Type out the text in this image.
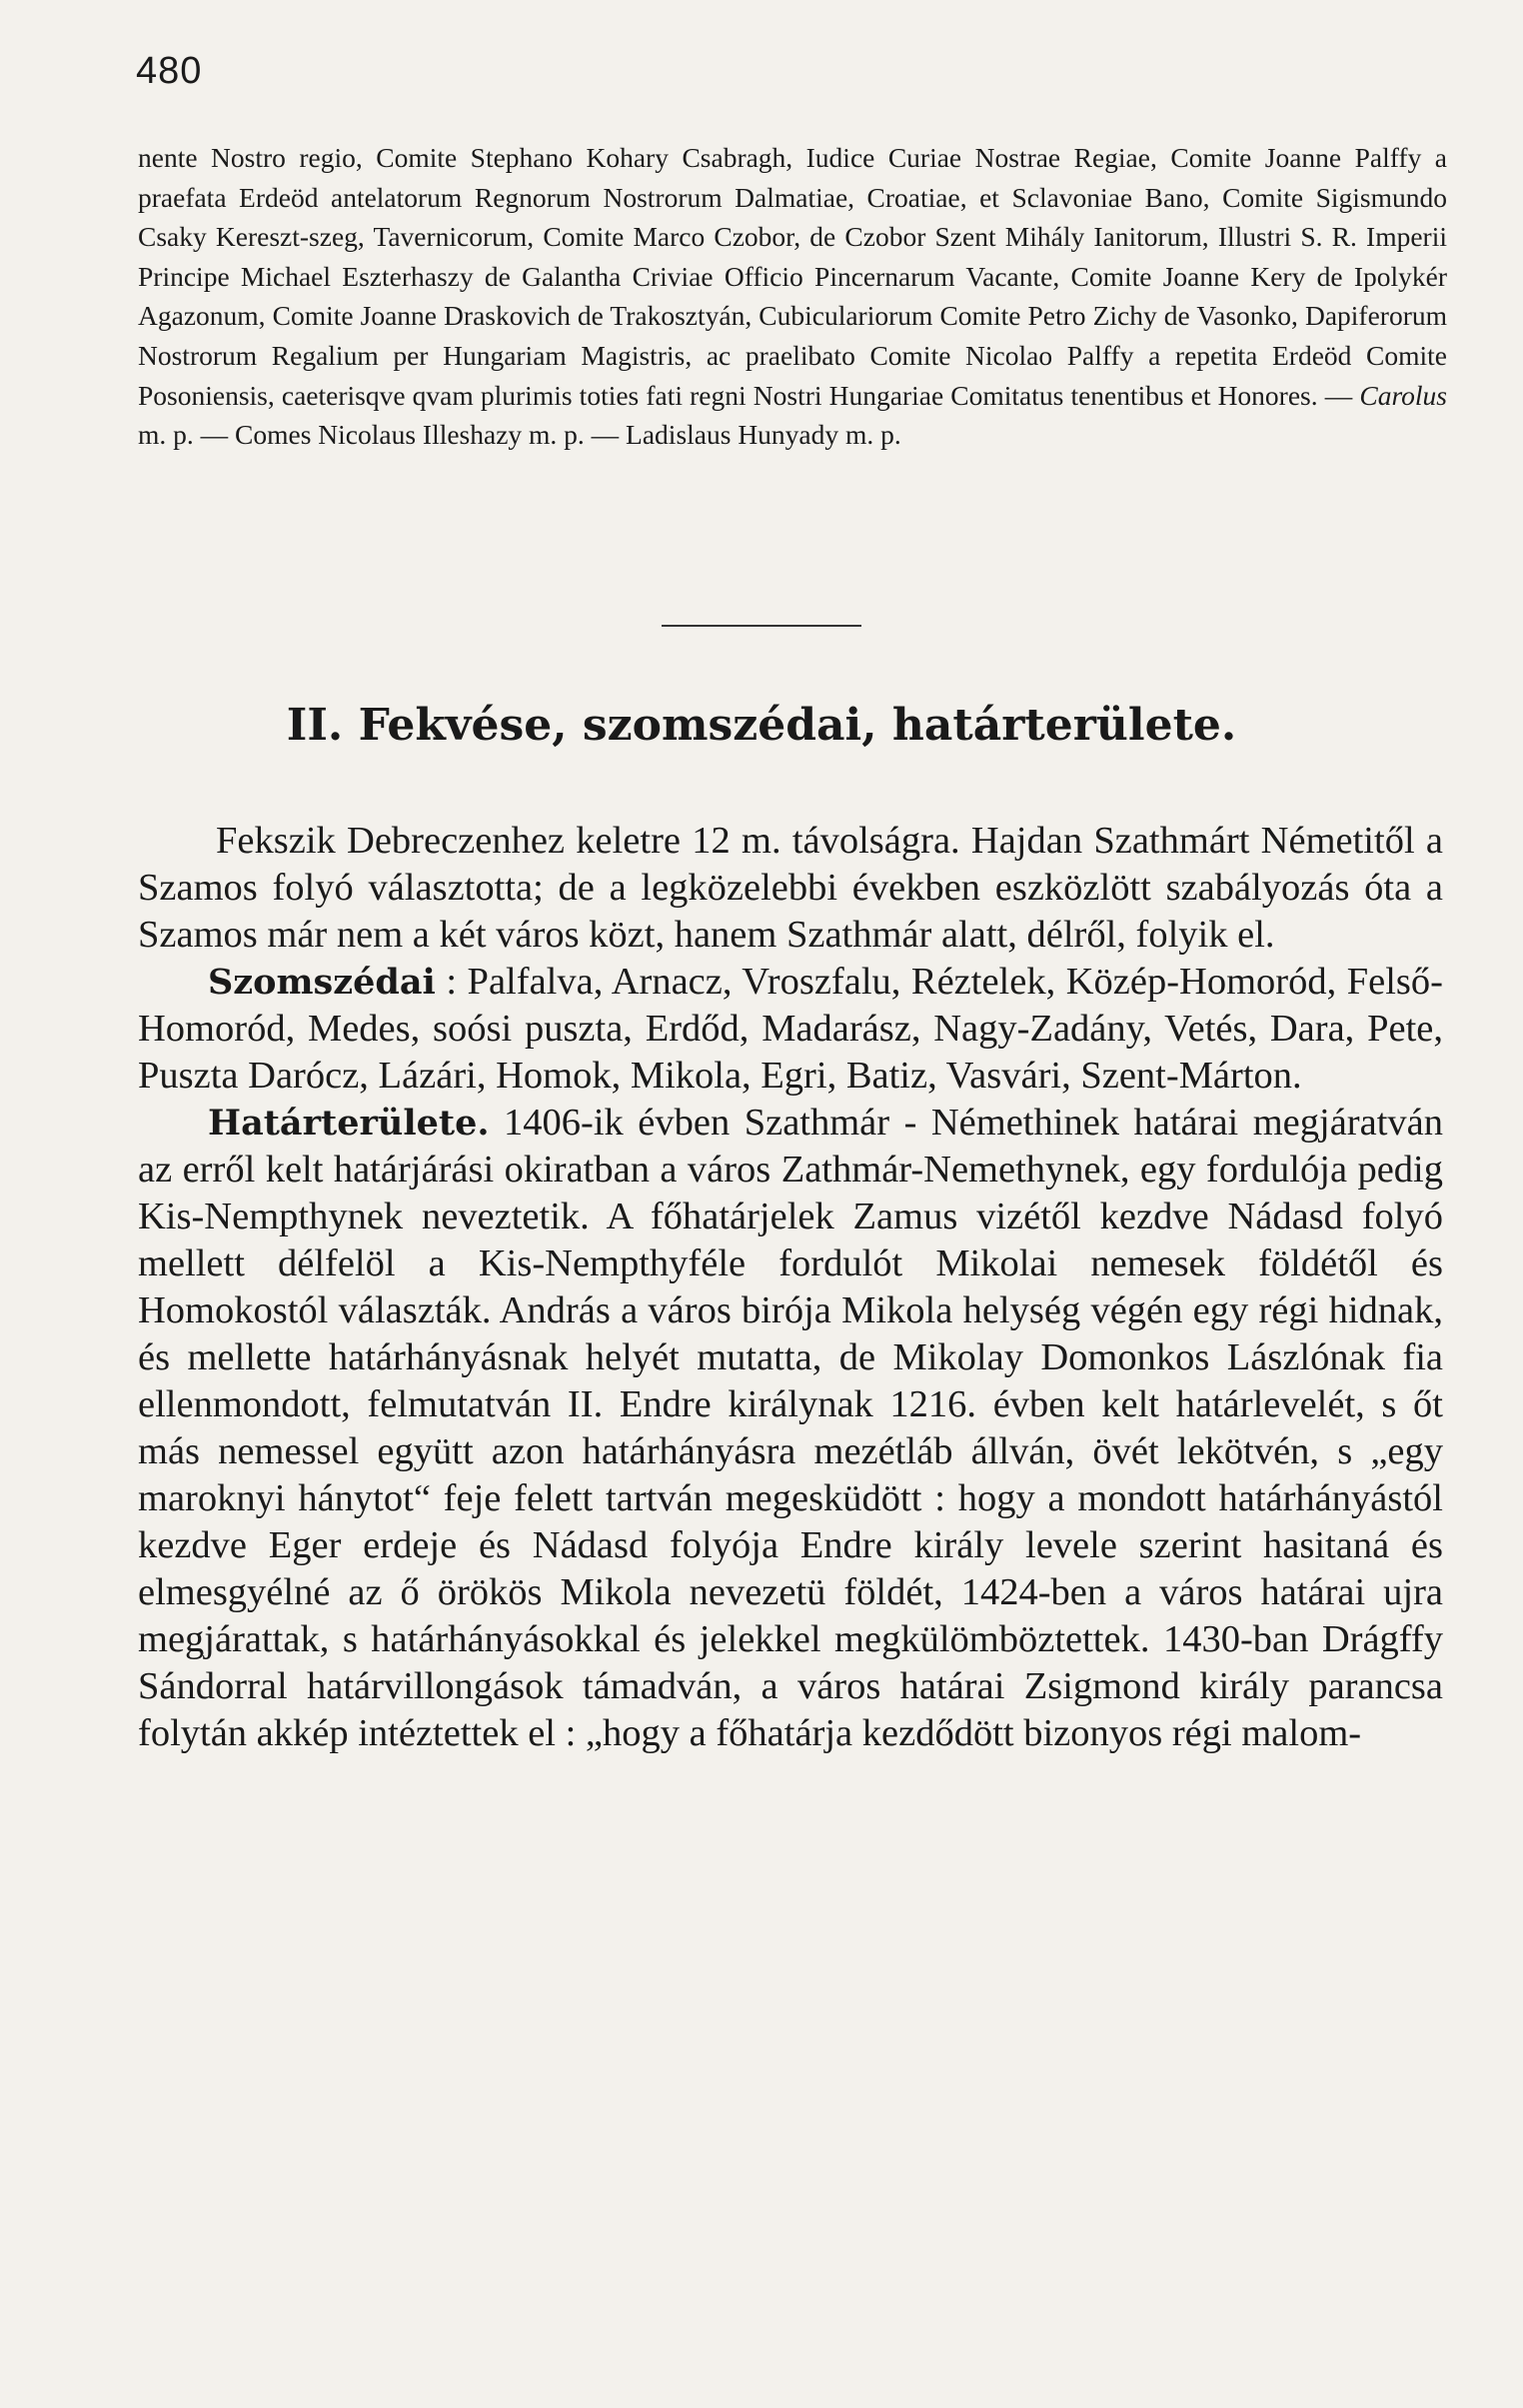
480

nente Nostro regio, Comite Stephano Kohary Csabragh, Iudice Curiae Nostrae Regiae, Comite Joanne Palffy a praefata Erdeöd antelatorum Regnorum Nostrorum Dalmatiae, Croatiae, et Sclavoniae Bano, Comite Sigismundo Csaky Kereszt-szeg, Tavernicorum, Comite Marco Czobor, de Czobor Szent Mihály Ianitorum, Illustri S. R. Imperii Principe Michael Eszterhaszy de Galantha Criviae Officio Pincernarum Vacante, Comite Joanne Kery de Ipolykér Agazonum, Comite Joanne Draskovich de Trakosztyán, Cubiculariorum Comite Petro Zichy de Vasonko, Dapiferorum Nostrorum Regalium per Hungariam Magistris, ac praelibato Comite Nicolao Palffy a repetita Erdeöd Comite Posoniensis, caeterisqve qvam plurimis toties fati regni Nostri Hungariae Comitatus tenentibus et Honores. — Carolus m. p. — Comes Nicolaus Illeshazy m. p. — Ladislaus Hunyady m. p.

II. Fekvése, szomszédai, határterülete.

Fekszik Debreczenhez keletre 12 m. távolságra. Hajdan Szathmárt Németitől a Szamos folyó választotta; de a legközelebbi években eszközlött szabályozás óta a Szamos már nem a két város közt, hanem Szathmár alatt, délről, folyik el.

Szomszédai : Palfalva, Arnacz, Vroszfalu, Réztelek, Közép-Homoród, Felső-Homoród, Medes, soósi puszta, Erdőd, Madarász, Nagy-Zadány, Vetés, Dara, Pete, Puszta Darócz, Lázári, Homok, Mikola, Egri, Batiz, Vasvári, Szent-Márton.

Határterülete. 1406-ik évben Szathmár - Némethinek határai megjáratván az erről kelt határjárási okiratban a város Zathmár-Nemethynek, egy fordulója pedig Kis-Nempthynek neveztetik. A főhatárjelek Zamus vizétől kezdve Nádasd folyó mellett délfelöl a Kis-Nempthyféle fordulót Mikolai nemesek földétől és Homokostól választák. András a város birója Mikola helység végén egy régi hidnak, és mellette határhányásnak helyét mutatta, de Mikolay Domonkos Lászlónak fia ellenmondott, felmutatván II. Endre királynak 1216. évben kelt határlevelét, s őt más nemessel együtt azon határhányásra mezétláb állván, övét lekötvén, s „egy maroknyi hánytot“ feje felett tartván megesküdött : hogy a mondott határhányástól kezdve Eger erdeje és Nádasd folyója Endre király levele szerint hasitaná és elmesgyélné az ő örökös Mikola nevezetü földét, 1424-ben a város határai ujra megjárattak, s határhányásokkal és jelekkel megkülömböztettek. 1430-ban Drágffy Sándorral határvillongások támadván, a város határai Zsigmond király parancsa folytán akkép intéztettek el : „hogy a főhatárja kezdődött bizonyos régi malom-
